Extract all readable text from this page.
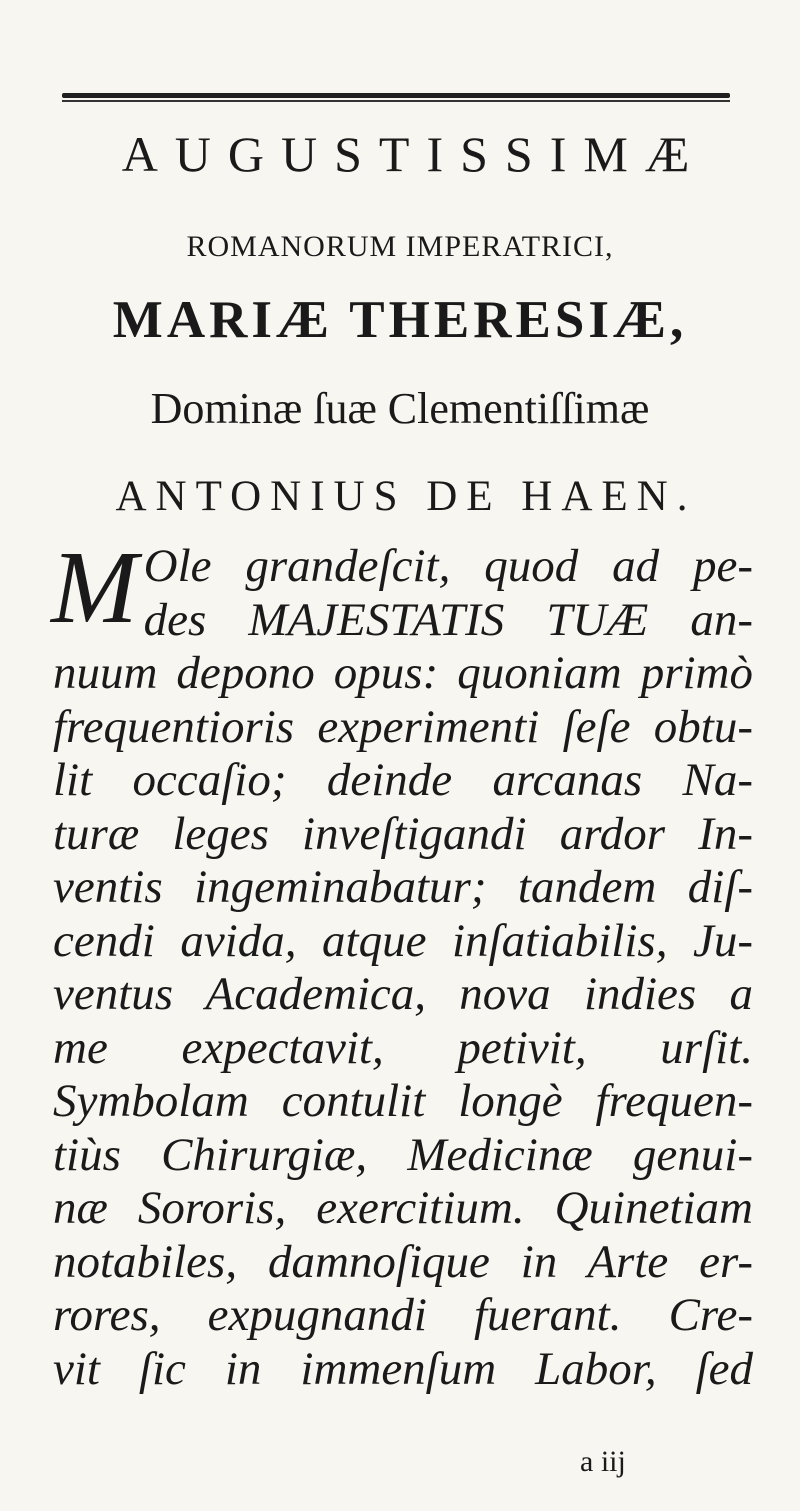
AUGUSTISSIMÆ
ROMANORUM IMPERATRICI,
MARIÆ THERESIÆ,
Dominæ ſuæ Clementiſſimæ
ANTONIUS DE HAEN.
M Ole grandeſcit, quod ad pe-
des MAJESTATIS TUÆ an-
nuum depono opus: quoniam primò
frequentioris experimenti ſeſe obtu-
lit occaſio; deinde arcanas Na-
turæ leges inveſtigandi ardor In-
ventis ingeminabatur; tandem diſ-
cendi avida, atque inſatiabilis, Ju-
ventus Academica, nova indies a
me expectavit, petivit, urſit.
Symbolam contulit longè frequen-
tiùs Chirurgiæ, Medicinæ genui-
næ Sororis, exercitium. Quinetiam
notabiles, damnoſique in Arte er-
rores, expugnandi fuerant. Cre-
vit ſic in immenſum Labor, ſed
a iij
